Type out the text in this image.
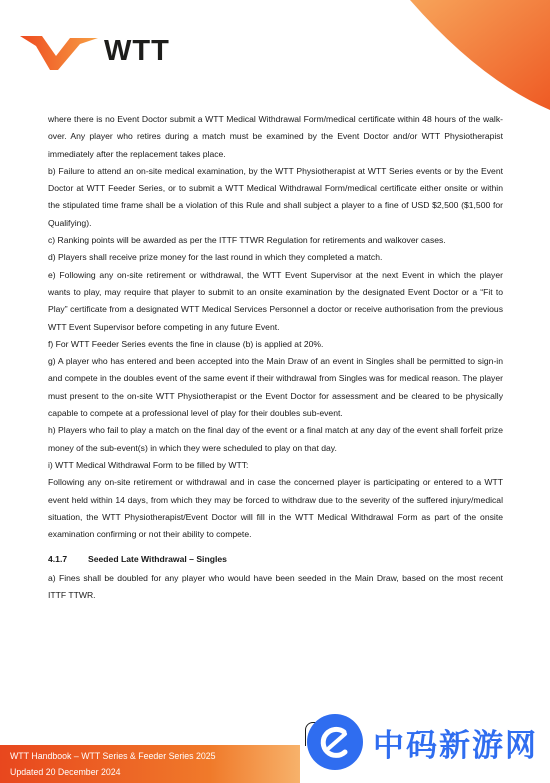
WTT

where there is no Event Doctor submit a WTT Medical Withdrawal Form/medical certificate within 48 hours of the walk-over. Any player who retires during a match must be examined by the Event Doctor and/or WTT Physiotherapist immediately after the replacement takes place.

b) Failure to attend an on-site medical examination, by the WTT Physiotherapist at WTT Series events or by the Event Doctor at WTT Feeder Series, or to submit a WTT Medical Withdrawal Form/medical certificate either onsite or within the stipulated time frame shall be a violation of this Rule and shall subject a player to a fine of USD $2,500 ($1,500 for Qualifying).

c) Ranking points will be awarded as per the ITTF TTWR Regulation for retirements and walkover cases.

d) Players shall receive prize money for the last round in which they completed a match.

e) Following any on-site retirement or withdrawal, the WTT Event Supervisor at the next Event in which the player wants to play, may require that player to submit to an onsite examination by the designated Event Doctor or a “Fit to Play” certificate from a designated WTT Medical Services Personnel a doctor or receive authorisation from the previous WTT Event Supervisor before competing in any future Event.

f) For WTT Feeder Series events the fine in clause (b) is applied at 20%.

g) A player who has entered and been accepted into the Main Draw of an event in Singles shall be permitted to sign-in and compete in the doubles event of the same event if their withdrawal from Singles was for medical reason. The player must present to the on-site WTT Physiotherapist or the Event Doctor for assessment and be cleared to be physically capable to compete at a professional level of play for their doubles sub-event.

h) Players who fail to play a match on the final day of the event or a final match at any day of the event shall forfeit prize money of the sub-event(s) in which they were scheduled to play on that day.

i) WTT Medical Withdrawal Form to be filled by WTT:

Following any on-site retirement or withdrawal and in case the concerned player is participating or entered to a WTT event held within 14 days, from which they may be forced to withdraw due to the severity of the suffered injury/medical situation, the WTT Physiotherapist/Event Doctor will fill in the WTT Medical Withdrawal Form as part of the onsite examination confirming or not their ability to compete.

4.1.7	Seeded Late Withdrawal – Singles

a) Fines shall be doubled for any player who would have been seeded in the Main Draw, based on the most recent ITTF TTWR.

WTT Handbook – WTT Series & Feeder Series 2025
Updated 20 December 2024
中码新游网
